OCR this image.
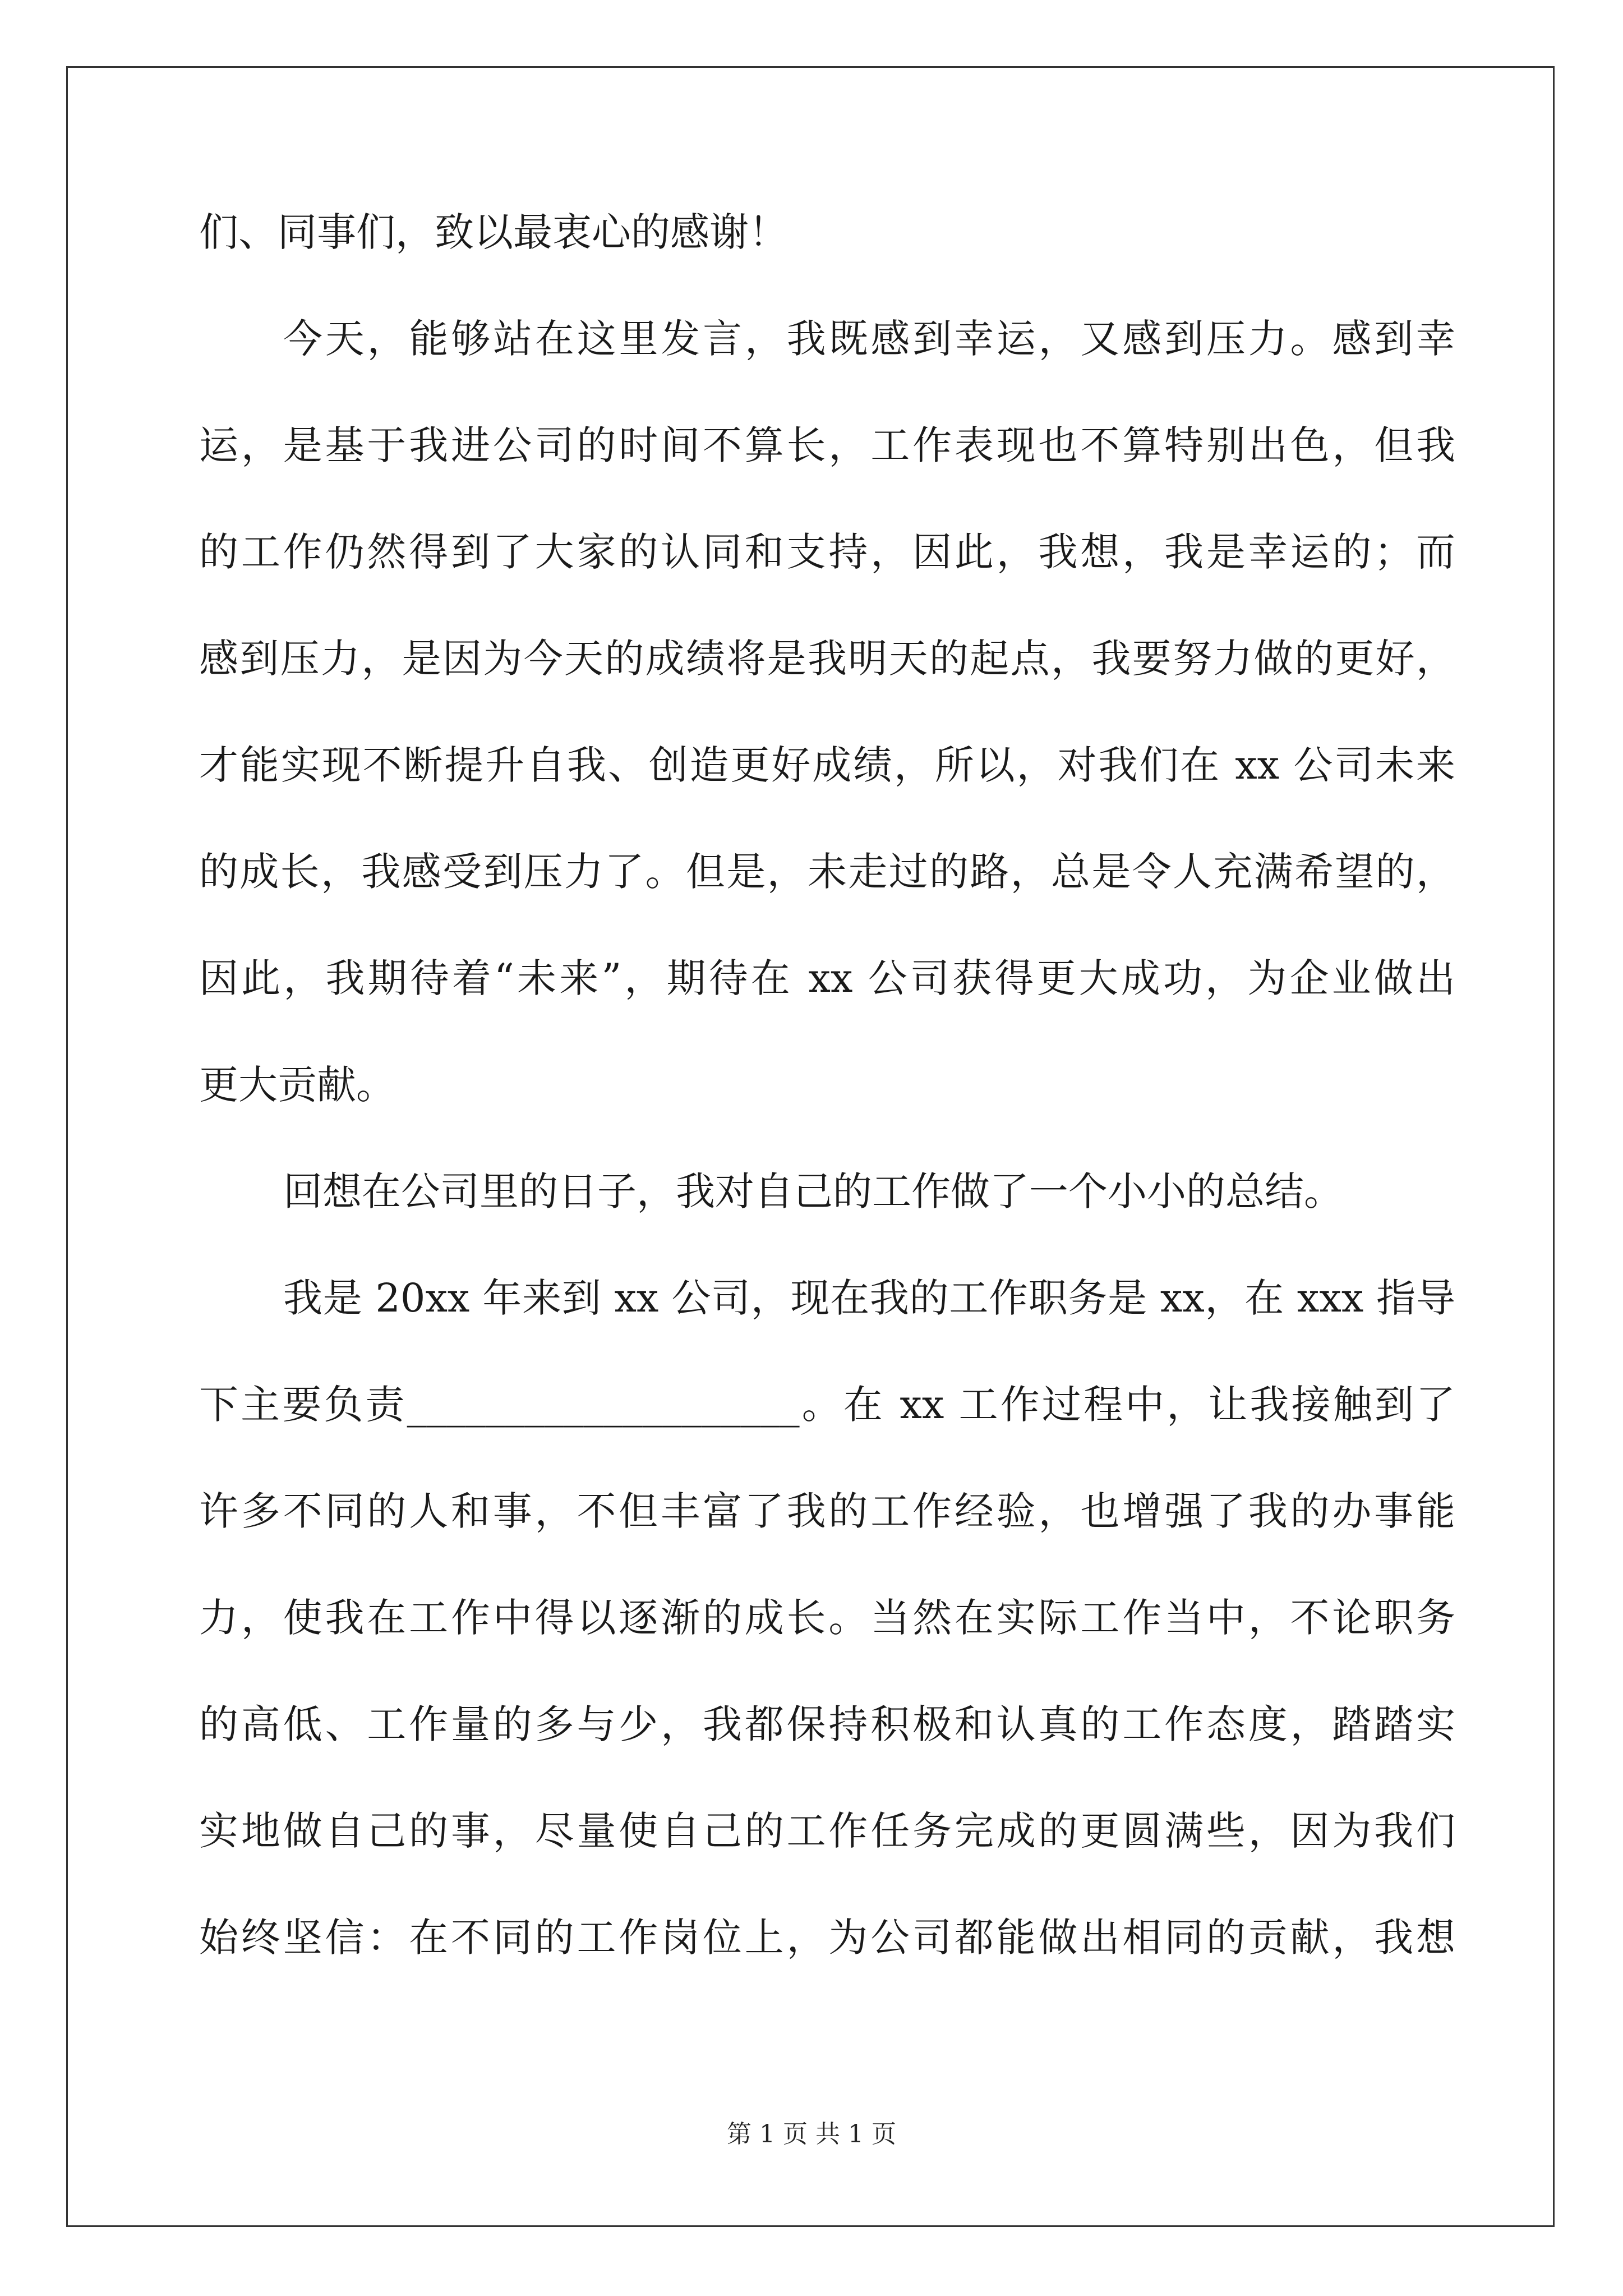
们、同事们，致以最衷心的感谢！
今天，能够站在这里发言，我既感到幸运，又感到压力。感到幸
运，是基于我进公司的时间不算长，工作表现也不算特别出色，但我
的工作仍然得到了大家的认同和支持，因此，我想，我是幸运的；而
感到压力，是因为今天的成绩将是我明天的起点，我要努力做的更好，
才能实现不断提升自我、创造更好成绩，所以，对我们在 xx 公司未来
的成长，我感受到压力了。但是，未走过的路，总是令人充满希望的，
因此，我期待着“未来”，期待在 xx 公司获得更大成功，为企业做出
更大贡献。
回想在公司里的日子，我对自己的工作做了一个小小的总结。
我是 20xx 年来到 xx 公司，现在我的工作职务是 xx，在 xxx 指导
下主要负责____________________。在 xx 工作过程中，让我接触到了
许多不同的人和事，不但丰富了我的工作经验，也增强了我的办事能
力，使我在工作中得以逐渐的成长。当然在实际工作当中，不论职务
的高低、工作量的多与少，我都保持积极和认真的工作态度，踏踏实
实地做自己的事，尽量使自己的工作任务完成的更圆满些，因为我们
始终坚信：在不同的工作岗位上，为公司都能做出相同的贡献，我想
第 1 页 共 1 页
